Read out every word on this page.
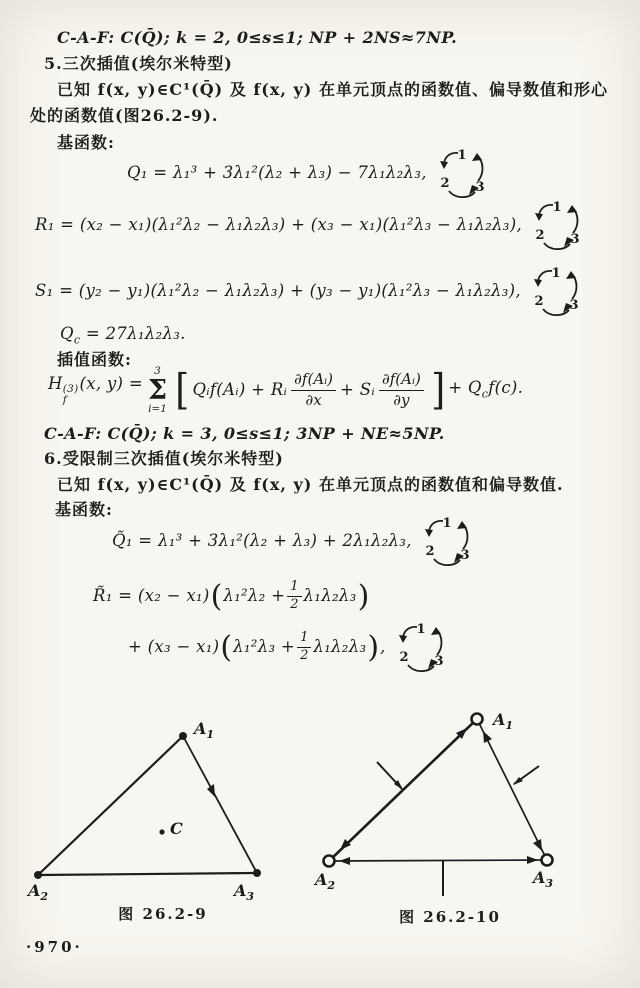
C-A-F: C(Q̄); k = 2, 0≤s≤1; NP + 2NS≈7NP.
5.三次插值(埃尔米特型)
已知 f(x, y)∈C¹(Q̄) 及 f(x, y) 在单元顶点的函数值、偏导数值和形心
处的函数值(图26.2-9).
基函数:
Q₁ = λ₁³ + 3λ₁²(λ₂ + λ₃) − 7λ₁λ₂λ₃,
1
2 3
R₁ = (x₂ − x₁)(λ₁²λ₂ − λ₁λ₂λ₃) + (x₃ − x₁)(λ₁²λ₃ − λ₁λ₂λ₃),
1
2 3
S₁ = (y₂ − y₁)(λ₁²λ₂ − λ₁λ₂λ₃) + (y₃ − y₁)(λ₁²λ₃ − λ₁λ₂λ₃),
1
2 3
$Q_c = 27\lambda_1\lambda_2\lambda_3$.
插值函数:
H (3)
f
(x, y) =
3
Σ
i=1 [ Qᵢf(Aᵢ) + Rᵢ $\frac{\text{∂f(Aᵢ)}}{\partial x}$ + Sᵢ $\frac{\text{∂f(Aᵢ)}}{\partial y}$ ] + $Q_cf(c)$.
C-A-F: C(Q̄); k = 3, 0≤s≤1; 3NP + NE≈5NP.
6.受限制三次插值(埃尔米特型)
已知 f(x, y)∈C¹(Q̄) 及 f(x, y) 在单元顶点的函数值和偏导数值.
基函数:
Q̃₁ = λ₁³ + 3λ₁²(λ₂ + λ₃) + 2λ₁λ₂λ₃,
1
2 3
R̃₁ = (x₂ − x₁) ( $\lambda_1^2\lambda_2 + \frac{1}{2} \lambda_1\lambda_2\lambda_3$ )
+ (x₃ − x₁) ( $\lambda_1^2\lambda_3 + \frac{1}{2} \lambda_1\lambda_2\lambda_3$ ) ,
1
2 3
$A_1$
$A_2$	$A_3$
C
图 26.2-9
$A_1$
$A_2$	$A_3$
图 26.2-10
·970·
